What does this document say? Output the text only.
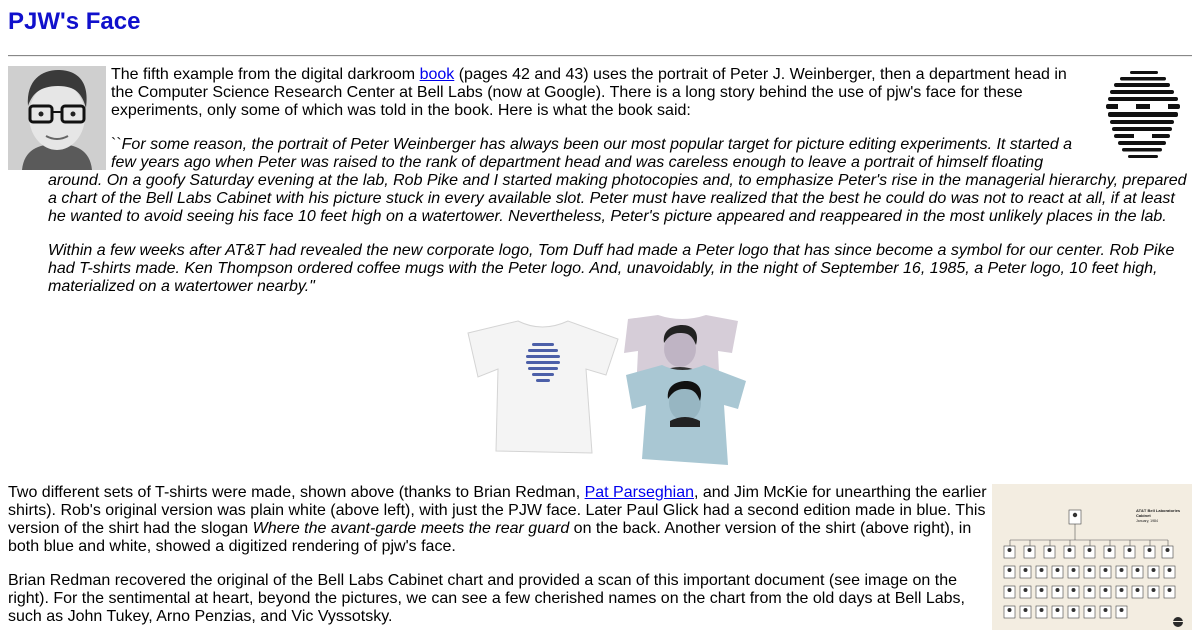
PJW's Face

The fifth example from the digital darkroom book (pages 42 and 43) uses the portrait of Peter J. Weinberger, then a department head in the Computer Science Research Center at Bell Labs (now at Google). There is a long story behind the use of pjw's face for these experiments, only some of which was told in the book. Here is what the book said:

``For some reason, the portrait of Peter Weinberger has always been our most popular target for picture editing experiments. It started a few years ago when Peter was raised to the rank of department head and was careless enough to leave a portrait of himself floating

around. On a goofy Saturday evening at the lab, Rob Pike and I started making photocopies and, to emphasize Peter's rise in the managerial hierarchy, prepared a chart of the Bell Labs Cabinet with his picture stuck in every available slot. Peter must have realized that the best he could do was not to react at all, if at least he wanted to avoid seeing his face 10 feet high on a watertower. Nevertheless, Peter's picture appeared and reappeared in the most unlikely places in the lab.

Within a few weeks after AT&T had revealed the new corporate logo, Tom Duff had made a Peter logo that has since become a symbol for our center. Rob Pike had T-shirts made. Ken Thompson ordered coffee mugs with the Peter logo. And, unavoidably, in the night of September 16, 1985, a Peter logo, 10 feet high, materialized on a watertower nearby."

Two different sets of T-shirts were made, shown above (thanks to Brian Redman, Pat Parseghian, and Jim McKie for unearthing the earlier shirts). Rob's original version was plain white (above left), with just the PJW face. Later Paul Glick had a second edition made in blue. This version of the shirt had the slogan Where the avant-garde meets the rear guard on the back. Another version of the shirt (above right), in both blue and white, showed a digitized rendering of pjw's face.

Brian Redman recovered the original of the Bell Labs Cabinet chart and provided a scan of this important document (see image on the right). For the sentimental at heart, beyond the pictures, we can see a few cherished names on the chart from the old days at Bell Labs, such as John Tukey, Arno Penzias, and Vic Vyssotsky.

AT&T Bell Laboratories
Cabinet
January, 1984
